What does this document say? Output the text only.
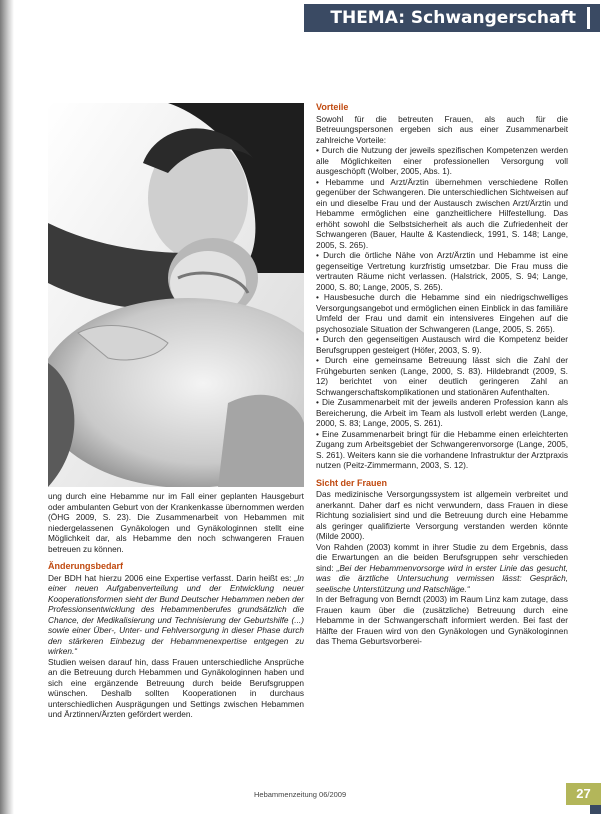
THEMA: Schwangerschaft

ung durch eine Hebamme nur im Fall einer geplanten Hausgeburt oder ambulanten Geburt von der Krankenkasse übernommen werden (ÖHG 2009, S. 23). Die Zusammenarbeit von Hebammen mit niedergelassenen Gynäkologen und Gynäkologinnen stellt eine Möglichkeit dar, als Hebamme den noch schwangeren Frauen betreuen zu können.

Änderungsbedarf

Der BDH hat hierzu 2006 eine Expertise verfasst. Darin heißt es: „In einer neuen Aufgabenverteilung und der Entwicklung neuer Kooperationsformen sieht der Bund Deutscher Hebammen neben der Professionsentwicklung des Hebammenberufes grundsätzlich die Chance, der Medikalisierung und Technisierung der Geburtshilfe (...) sowie einer Über-, Unter- und Fehlversorgung in dieser Phase durch den stärkeren Einbezug der Hebammenexpertise entgegen zu wirken.“

Studien weisen darauf hin, dass Frauen unterschiedliche Ansprüche an die Betreuung durch Hebammen und Gynäkologinnen haben und sich eine ergänzende Betreuung durch beide Berufsgruppen wünschen. Deshalb sollten Kooperationen in durchaus unterschiedlichen Ausprägungen und Settings zwischen Hebammen und Ärztinnen/Ärzten gefördert werden.

Vorteile

Sowohl für die betreuten Frauen, als auch für die Betreuungspersonen ergeben sich aus einer Zusammenarbeit zahlreiche Vorteile:

• Durch die Nutzung der jeweils spezifischen Kompetenzen werden alle Möglichkeiten einer professionellen Versorgung voll ausgeschöpft (Wolber, 2005, Abs. 1).

• Hebamme und Arzt/Ärztin übernehmen verschiedene Rollen gegenüber der Schwangeren. Die unterschiedlichen Sichtweisen auf ein und dieselbe Frau und der Austausch zwischen Arzt/Ärztin und Hebamme ermöglichen eine ganzheitlichere Hilfestellung. Das erhöht sowohl die Selbstsicherheit als auch die Zufriedenheit der Schwangeren (Bauer, Haulte & Kastendieck, 1991, S. 148; Lange, 2005, S. 265).

• Durch die örtliche Nähe von Arzt/Ärztin und Hebamme ist eine gegenseitige Vertretung kurzfristig umsetzbar. Die Frau muss die vertrauten Räume nicht verlassen. (Halstrick, 2005, S. 94; Lange, 2000, S. 80; Lange, 2005, S. 265).

• Hausbesuche durch die Hebamme sind ein niedrigschwelliges Versorgungsangebot und ermöglichen einen Einblick in das familiäre Umfeld der Frau und damit ein intensiveres Eingehen auf die psychosoziale Situation der Schwangeren (Lange, 2005, S. 265).

• Durch den gegenseitigen Austausch wird die Kompetenz beider Berufsgruppen gesteigert (Höfer, 2003, S. 9).

• Durch eine gemeinsame Betreuung lässt sich die Zahl der Frühgeburten senken (Lange, 2000, S. 83). Hildebrandt (2009, S. 12) berichtet von einer deutlich geringeren Zahl an Schwangerschaftskomplikationen und stationären Aufenthalten.

• Die Zusammenarbeit mit der jeweils anderen Profession kann als Bereicherung, die Arbeit im Team als lustvoll erlebt werden (Lange, 2000, S. 83; Lange, 2005, S. 261).

• Eine Zusammenarbeit bringt für die Hebamme einen erleichterten Zugang zum Arbeitsgebiet der Schwangerenvorsorge (Lange, 2005, S. 261). Weiters kann sie die vorhandene Infrastruktur der Arztpraxis nutzen (Peitz-Zimmermann, 2003, S. 12).

Sicht der Frauen

Das medizinische Versorgungssystem ist allgemein verbreitet und anerkannt. Daher darf es nicht verwundern, dass Frauen in diese Richtung sozialisiert sind und die Betreuung durch eine Hebamme als geringer qualifizierte Versorgung verstanden werden könnte (Milde 2000).

Von Rahden (2003) kommt in ihrer Studie zu dem Ergebnis, dass die Erwartungen an die beiden Berufsgruppen sehr verschieden sind: „Bei der Hebammenvorsorge wird in erster Linie das gesucht, was die ärztliche Untersuchung vermissen lässt: Gespräch, seelische Unterstützung und Ratschläge.“

In der Befragung von Berndt (2003) im Raum Linz kam zutage, dass Frauen kaum über die (zusätzliche) Betreuung durch eine Hebamme in der Schwangerschaft informiert werden. Bei fast der Hälfte der Frauen wird von den Gynäkologen und Gynäkologinnen das Thema Geburtsvorberei-

Hebammenzeitung 06/2009	27
